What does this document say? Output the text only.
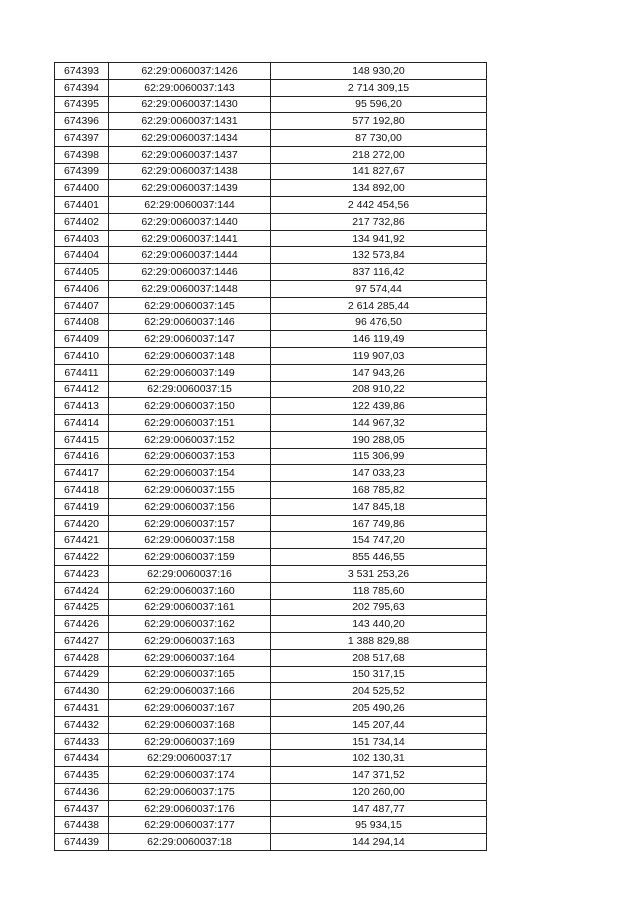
674393	62:29:0060037:1426	148 930,20
674394	62:29:0060037:143	2 714 309,15
674395	62:29:0060037:1430	95 596,20
674396	62:29:0060037:1431	577 192,80
674397	62:29:0060037:1434	87 730,00
674398	62:29:0060037:1437	218 272,00
674399	62:29:0060037:1438	141 827,67
674400	62:29:0060037:1439	134 892,00
674401	62:29:0060037:144	2 442 454,56
674402	62:29:0060037:1440	217 732,86
674403	62:29:0060037:1441	134 941,92
674404	62:29:0060037:1444	132 573,84
674405	62:29:0060037:1446	837 116,42
674406	62:29:0060037:1448	97 574,44
674407	62:29:0060037:145	2 614 285,44
674408	62:29:0060037:146	96 476,50
674409	62:29:0060037:147	146 119,49
674410	62:29:0060037:148	119 907,03
674411	62:29:0060037:149	147 943,26
674412	62:29:0060037:15	208 910,22
674413	62:29:0060037:150	122 439,86
674414	62:29:0060037:151	144 967,32
674415	62:29:0060037:152	190 288,05
674416	62:29:0060037:153	115 306,99
674417	62:29:0060037:154	147 033,23
674418	62:29:0060037:155	168 785,82
674419	62:29:0060037:156	147 845,18
674420	62:29:0060037:157	167 749,86
674421	62:29:0060037:158	154 747,20
674422	62:29:0060037:159	855 446,55
674423	62:29:0060037:16	3 531 253,26
674424	62:29:0060037:160	118 785,60
674425	62:29:0060037:161	202 795,63
674426	62:29:0060037:162	143 440,20
674427	62:29:0060037:163	1 388 829,88
674428	62:29:0060037:164	208 517,68
674429	62:29:0060037:165	150 317,15
674430	62:29:0060037:166	204 525,52
674431	62:29:0060037:167	205 490,26
674432	62:29:0060037:168	145 207,44
674433	62:29:0060037:169	151 734,14
674434	62:29:0060037:17	102 130,31
674435	62:29:0060037:174	147 371,52
674436	62:29:0060037:175	120 260,00
674437	62:29:0060037:176	147 487,77
674438	62:29:0060037:177	95 934,15
674439	62:29:0060037:18	144 294,14
